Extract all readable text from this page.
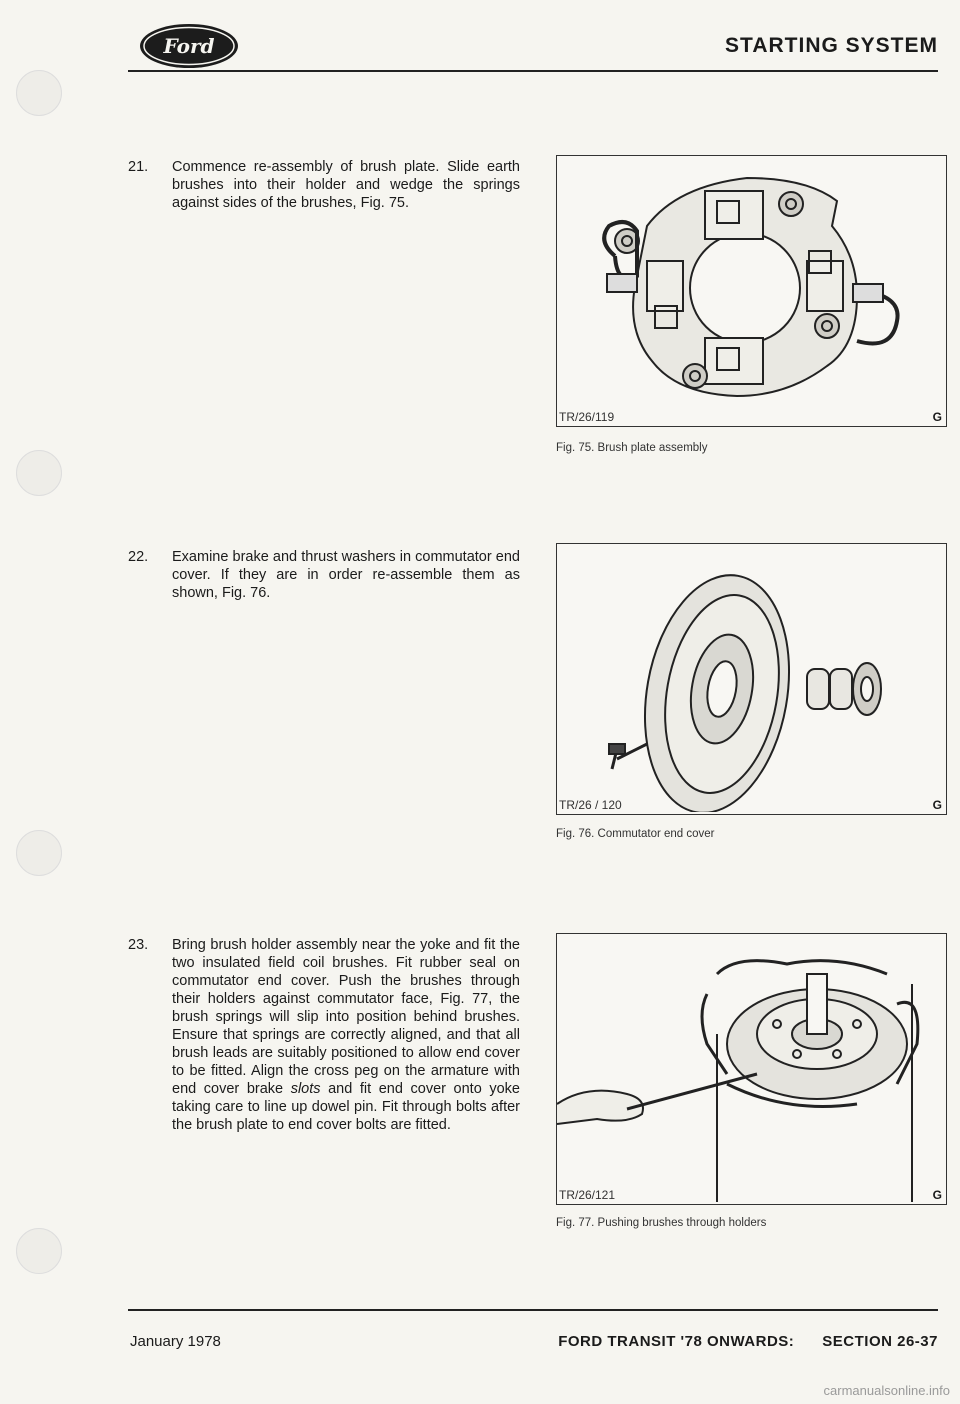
Ford	STARTING SYSTEM
21.	Commence re-assembly of brush plate. Slide earth brushes into their holder and wedge the springs against sides of the brushes, Fig. 75.
TR/26/119	G
Fig. 75. Brush plate assembly
22.	Examine brake and thrust washers in commutator end cover. If they are in order re-assemble them as shown, Fig. 76.
TR/26 / 120	G
Fig. 76. Commutator end cover
23.	Bring brush holder assembly near the yoke and fit the two insulated field coil brushes. Fit rubber seal on commutator end cover. Push the brushes through their holders against commutator face, Fig. 77, the brush springs will slip into position behind brushes. Ensure that springs are correctly aligned, and that all brush leads are suitably positioned to allow end cover to be fitted. Align the cross peg on the armature with end cover brake slots and fit end cover onto yoke taking care to line up dowel pin. Fit through bolts after the brush plate to end cover bolts are fitted.
TR/26/121	G
Fig. 77. Pushing brushes through holders
January 1978	FORD TRANSIT '78 ONWARDS: SECTION 26-37
carmanualsonline.info
